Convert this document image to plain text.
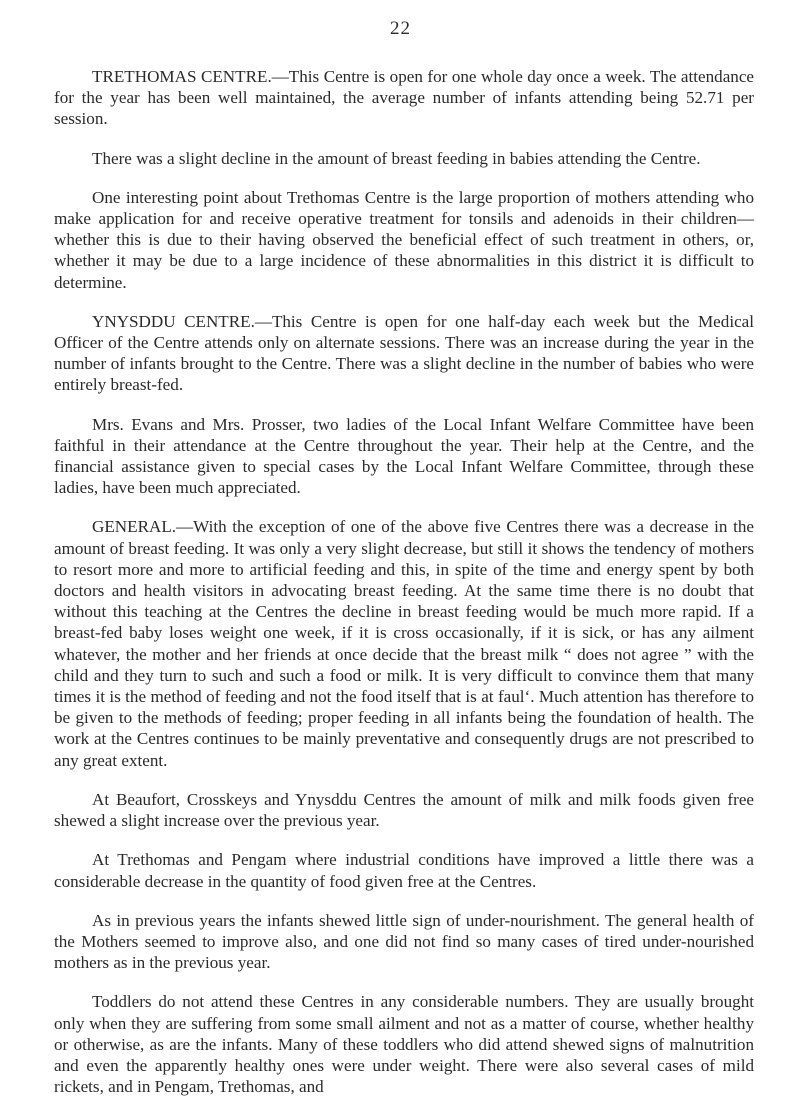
22

TRETHOMAS CENTRE.—This Centre is open for one whole day once a week. The attendance for the year has been well maintained, the average number of infants attending being 52.71 per session.

There was a slight decline in the amount of breast feeding in babies attending the Centre.

One interesting point about Trethomas Centre is the large proportion of mothers attending who make application for and receive operative treatment for tonsils and adenoids in their children—whether this is due to their having observed the beneficial effect of such treatment in others, or, whether it may be due to a large incidence of these abnormalities in this district it is difficult to determine.

YNYSDDU CENTRE.—This Centre is open for one half-day each week but the Medical Officer of the Centre attends only on alternate sessions. There was an increase during the year in the number of infants brought to the Centre. There was a slight decline in the number of babies who were entirely breast-fed.

Mrs. Evans and Mrs. Prosser, two ladies of the Local Infant Welfare Committee have been faithful in their attendance at the Centre throughout the year. Their help at the Centre, and the financial assistance given to special cases by the Local Infant Welfare Committee, through these ladies, have been much appreciated.

GENERAL.—With the exception of one of the above five Centres there was a decrease in the amount of breast feeding. It was only a very slight decrease, but still it shows the tendency of mothers to resort more and more to artificial feeding and this, in spite of the time and energy spent by both doctors and health visitors in advocating breast feeding. At the same time there is no doubt that without this teaching at the Centres the decline in breast feeding would be much more rapid. If a breast-fed baby loses weight one week, if it is cross occasionally, if it is sick, or has any ailment whatever, the mother and her friends at once decide that the breast milk “ does not agree ” with the child and they turn to such and such a food or milk. It is very difficult to convince them that many times it is the method of feeding and not the food itself that is at faul‘. Much attention has therefore to be given to the methods of feeding; proper feeding in all infants being the foundation of health. The work at the Centres continues to be mainly preventative and consequently drugs are not prescribed to any great extent.

At Beaufort, Crosskeys and Ynysddu Centres the amount of milk and milk foods given free shewed a slight increase over the previous year.

At Trethomas and Pengam where industrial conditions have improved a little there was a considerable decrease in the quantity of food given free at the Centres.

As in previous years the infants shewed little sign of under-nourishment. The general health of the Mothers seemed to improve also, and one did not find so many cases of tired under-nourished mothers as in the previous year.

Toddlers do not attend these Centres in any considerable numbers. They are usually brought only when they are suffering from some small ailment and not as a matter of course, whether healthy or otherwise, as are the infants. Many of these toddlers who did attend shewed signs of malnutrition and even the apparently healthy ones were under weight. There were also several cases of mild rickets, and in Pengam, Trethomas, and
